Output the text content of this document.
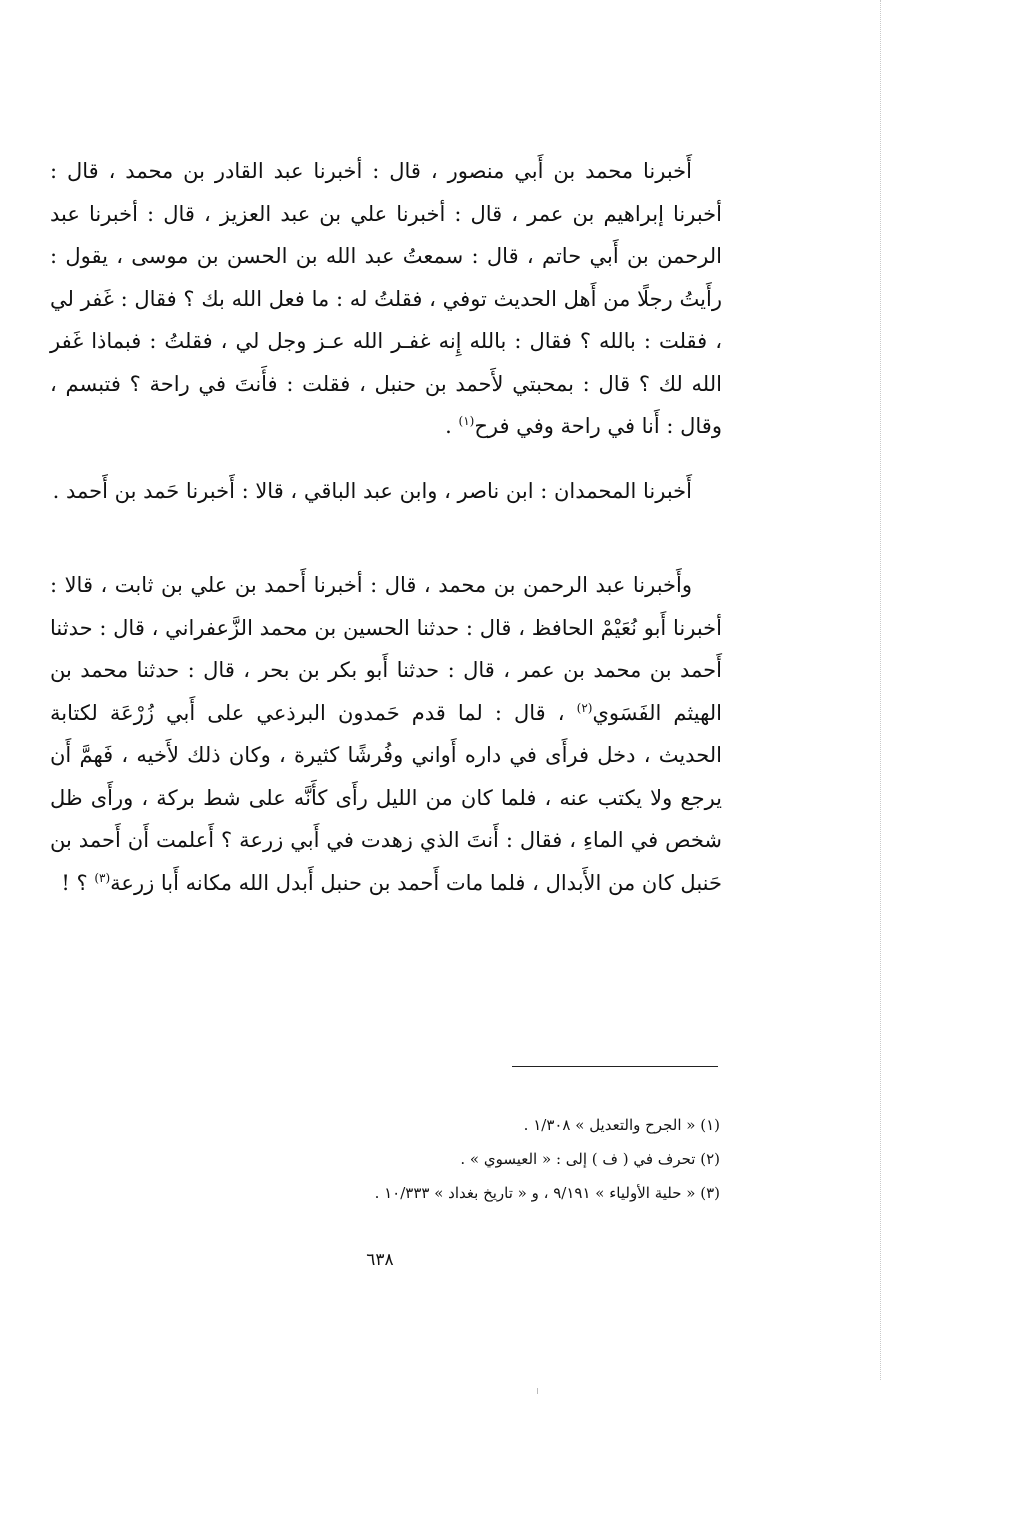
أَخبرنا محمد بن أَبي منصور ، قال : أخبرنا عبد القادر بن محمد ، قال : أخبرنا إبراهيم بن عمر ، قال : أخبرنا علي بن عبد العزيز ، قال : أخبرنا عبد الرحمن بن أَبي حاتم ، قال : سمعتُ عبد الله بن الحسن بن موسى ، يقول : رأَيتُ رجلًا من أَهل الحديث توفي ، فقلتُ له : ما فعل الله بك ؟ فقال : غَفر لي ، فقلت : بالله ؟ فقال : بالله إِنه غفـر الله عـز وجل لي ، فقلتُ : فبماذا غَفر الله لك ؟ قال : بمحبتي لأَحمد بن حنبل ، فقلت : فأَنتَ في راحة ؟ فتبسم ، وقال : أَنا في راحة وفي فرح$^{(١)}$ .

أَخبرنا المحمدان : ابن ناصر ، وابن عبد الباقي ، قالا : أَخبرنا حَمد بن أَحمد .

وأَخبرنا عبد الرحمن بن محمد ، قال : أخبرنا أَحمد بن علي بن ثابت ، قالا : أخبرنا أَبو نُعَيْمْ الحافظ ، قال : حدثنا الحسين بن محمد الزَّعفراني ، قال : حدثنا أَحمد بن محمد بن عمر ، قال : حدثنا أَبو بكر بن بحر ، قال : حدثنا محمد بن الهيثم الفَسَوي$^{(٢)}$ ، قال : لما قدم حَمدون البرذعي على أَبي زُرْعَة لكتابة الحديث ، دخل فرأَى في داره أَواني وفُرشًا كثيرة ، وكان ذلك لأَخيه ، فَهمَّ أَن يرجع ولا يكتب عنه ، فلما كان من الليل رأَى كأَنَّه على شط بركة ، ورأَى ظل شخص في الماءِ ، فقال : أَنتَ الذي زهدت في أَبي زرعة ؟ أَعلمت أَن أَحمد بن حَنبل كان من الأَبدال ، فلما مات أَحمد بن حنبل أَبدل الله مكانه أَبا زرعة$^{(٣)}$ ؟ !

(١) « الجرح والتعديل » ١/٣٠٨ .

(٢) تحرف في ( ف ) إلى : « العيسوي » .

(٣) « حلية الأولياء » ٩/١٩١ ، و « تاريخ بغداد » ١٠/٣٣٣ .

٦٣٨
